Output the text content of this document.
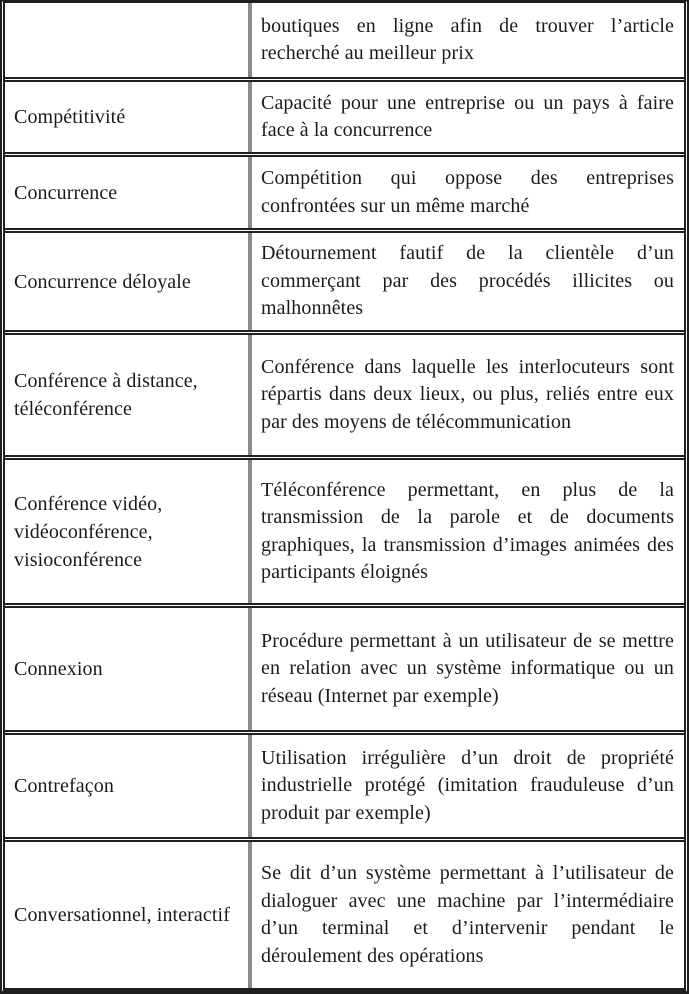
boutiques en ligne afin de trouver l’article recherché au meilleur prix

Compétitivité

Capacité pour une entreprise ou un pays à faire face à la concurrence

Concurrence

Compétition qui oppose des entreprises confrontées sur un même marché

Concurrence déloyale

Détournement fautif de la clientèle d’un commerçant par des procédés illicites ou malhonnêtes

Conférence à distance, téléconférence

Conférence dans laquelle les interlocuteurs sont répartis dans deux lieux, ou plus, reliés entre eux par des moyens de télécommunication

Conférence vidéo, vidéoconférence, visioconférence

Téléconférence permettant, en plus de la transmission de la parole et de documents graphiques, la transmission d’images animées des participants éloignés

Connexion

Procédure permettant à un utilisateur de se mettre en relation avec un système informatique ou un réseau (Internet par exemple)

Contrefaçon

Utilisation irrégulière d’un droit de propriété industrielle protégé (imitation frauduleuse d’un produit par exemple)

Conversationnel, interactif

Se dit d’un système permettant à l’utilisateur de dialoguer avec une machine par l’intermédiaire d’un terminal et d’intervenir pendant le déroulement des opérations
